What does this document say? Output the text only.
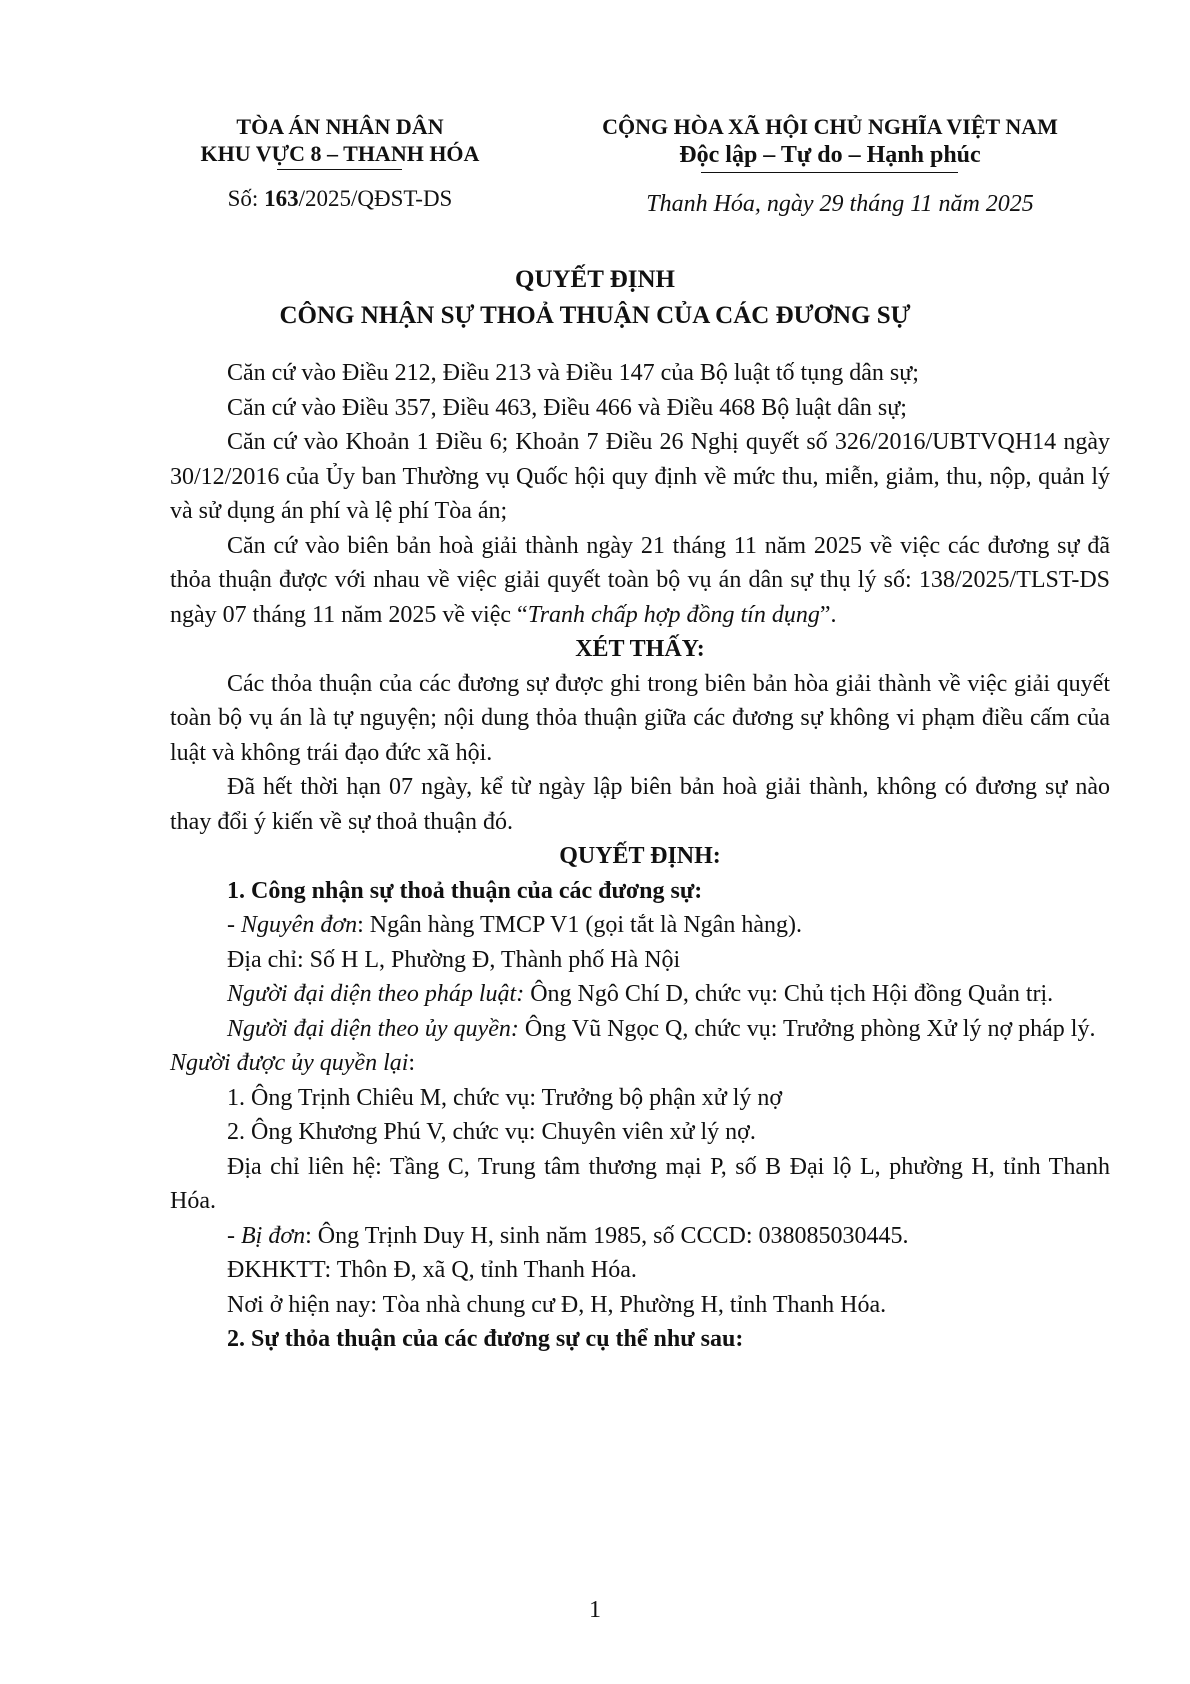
TÒA ÁN NHÂN DÂN
KHU VỰC 8 – THANH HÓA
Số: 163/2025/QĐST-DS
CỘNG HÒA XÃ HỘI CHỦ NGHĨA VIỆT NAM
Độc lập – Tự do – Hạnh phúc
Thanh Hóa, ngày 29 tháng 11 năm 2025
QUYẾT ĐỊNH
CÔNG NHẬN SỰ THOẢ THUẬN CỦA CÁC ĐƯƠNG SỰ

Căn cứ vào Điều 212, Điều 213 và Điều 147 của Bộ luật tố tụng dân sự;

Căn cứ vào Điều 357, Điều 463, Điều 466 và Điều 468 Bộ luật dân sự;

Căn cứ vào Khoản 1 Điều 6; Khoản 7 Điều 26 Nghị quyết số 326/2016/UBTVQH14 ngày 30/12/2016 của Ủy ban Thường vụ Quốc hội quy định về mức thu, miễn, giảm, thu, nộp, quản lý và sử dụng án phí và lệ phí Tòa án;

Căn cứ vào biên bản hoà giải thành ngày 21 tháng 11 năm 2025 về việc các đương sự đã thỏa thuận được với nhau về việc giải quyết toàn bộ vụ án dân sự thụ lý số: 138/2025/TLST-DS ngày 07 tháng 11 năm 2025 về việc “Tranh chấp hợp đồng tín dụng”.

XÉT THẤY:

Các thỏa thuận của các đương sự được ghi trong biên bản hòa giải thành về việc giải quyết toàn bộ vụ án là tự nguyện; nội dung thỏa thuận giữa các đương sự không vi phạm điều cấm của luật và không trái đạo đức xã hội.

Đã hết thời hạn 07 ngày, kể từ ngày lập biên bản hoà giải thành, không có đương sự nào thay đổi ý kiến về sự thoả thuận đó.

QUYẾT ĐỊNH:

1. Công nhận sự thoả thuận của các đương sự:

- Nguyên đơn: Ngân hàng TMCP V1 (gọi tắt là Ngân hàng).

Địa chỉ: Số H L, Phường Đ, Thành phố Hà Nội

Người đại diện theo pháp luật: Ông Ngô Chí D, chức vụ: Chủ tịch Hội đồng Quản trị.

Người đại diện theo ủy quyền: Ông Vũ Ngọc Q, chức vụ: Trưởng phòng Xử lý nợ pháp lý.

Người được ủy quyền lại:

1. Ông Trịnh Chiêu M, chức vụ: Trưởng bộ phận xử lý nợ

2. Ông Khương Phú V, chức vụ: Chuyên viên xử lý nợ.

Địa chỉ liên hệ: Tầng C, Trung tâm thương mại P, số B Đại lộ L, phường H, tỉnh Thanh Hóa.

- Bị đơn: Ông Trịnh Duy H, sinh năm 1985, số CCCD: 038085030445.

ĐKHKTT: Thôn Đ, xã Q, tỉnh Thanh Hóa.

Nơi ở hiện nay: Tòa nhà chung cư Đ, H, Phường H, tỉnh Thanh Hóa.

2. Sự thỏa thuận của các đương sự cụ thể như sau:

1
